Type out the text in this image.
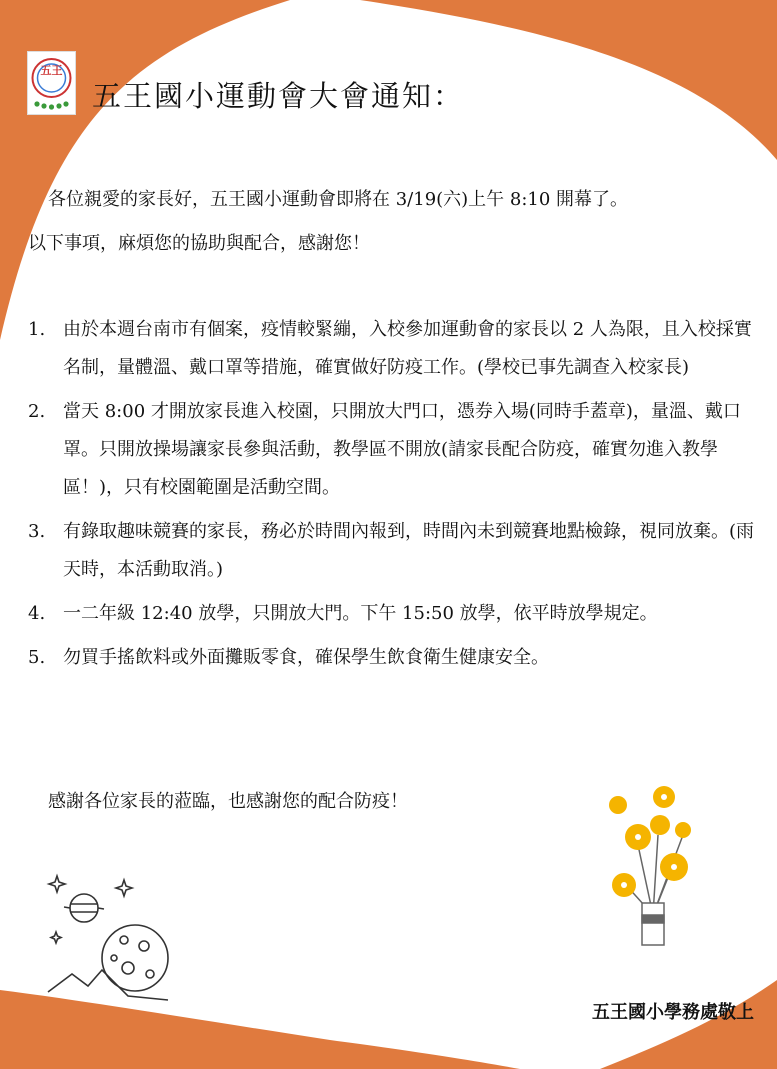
五王
五王國小運動會大會通知：
各位親愛的家長好，五王國小運動會即將在 3/19(六)上午 8:10 開幕了。
以下事項，麻煩您的協助與配合，感謝您！
1. 由於本週台南市有個案，疫情較緊繃，入校參加運動會的家長以 2 人為限，且入校採實名制，量體溫、戴口罩等措施，確實做好防疫工作。(學校已事先調查入校家長)
2. 當天 8:00 才開放家長進入校園，只開放大門口，憑券入場(同時手蓋章)，量溫、戴口罩。只開放操場讓家長參與活動，教學區不開放(請家長配合防疫，確實勿進入教學區！)，只有校園範圍是活動空間。
3. 有錄取趣味競賽的家長，務必於時間內報到，時間內未到競賽地點檢錄，視同放棄。(雨天時，本活動取消。)
4. 一二年級 12:40 放學，只開放大門。下午 15:50 放學，依平時放學規定。
5. 勿買手搖飲料或外面攤販零食，確保學生飲食衛生健康安全。
感謝各位家長的蒞臨，也感謝您的配合防疫！
五王國小學務處敬上
